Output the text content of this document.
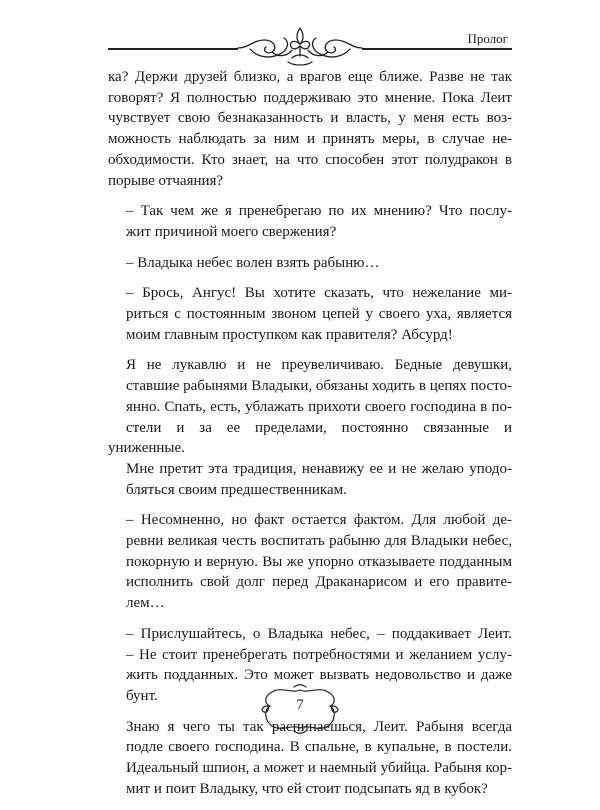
Пролог

ка? Держи друзей близко, а врагов еще ближе. Разве не так
говорят? Я полностью поддерживаю это мнение. Пока Леит
чувствует свою безнаказанность и власть, у меня есть воз-
можность наблюдать за ним и принять меры, в случае не-
обходимости. Кто знает, на что способен этот полудракон в
порыве отчаяния?

– Так чем же я пренебрегаю по их мнению? Что послу-
жит причиной моего свержения?

– Владыка небес волен взять рабыню…

– Брось, Ангус! Вы хотите сказать, что нежелание ми-
риться с постоянным звоном цепей у своего уха, является
моим главным проступком как правителя? Абсурд!

Я не лукавлю и не преувеличиваю. Бедные девушки,
ставшие рабынями Владыки, обязаны ходить в цепях посто-
янно. Спать, есть, ублажать прихоти своего господина в по-
стели и за ее пределами, постоянно связанные и униженные.
Мне претит эта традиция, ненавижу ее и не желаю уподо-
бляться своим предшественникам.

– Несомненно, но факт остается фактом. Для любой де-
ревни великая честь воспитать рабыню для Владыки небес,
покорную и верную. Вы же упорно отказываете подданным
исполнить свой долг перед Драканарисом и его правите-
лем…

– Прислушайтесь, о Владыка небес, – поддакивает Леит.
– Не стоит пренебрегать потребностями и желанием услу-
жить подданных. Это может вызвать недовольство и даже
бунт.

Знаю я чего ты так распинаешься, Леит. Рабыня всегда
подле своего господина. В спальне, в купальне, в постели.
Идеальный шпион, а может и наемный убийца. Рабыня кор-
мит и поит Владыку, что ей стоит подсыпать яд в кубок?

7
